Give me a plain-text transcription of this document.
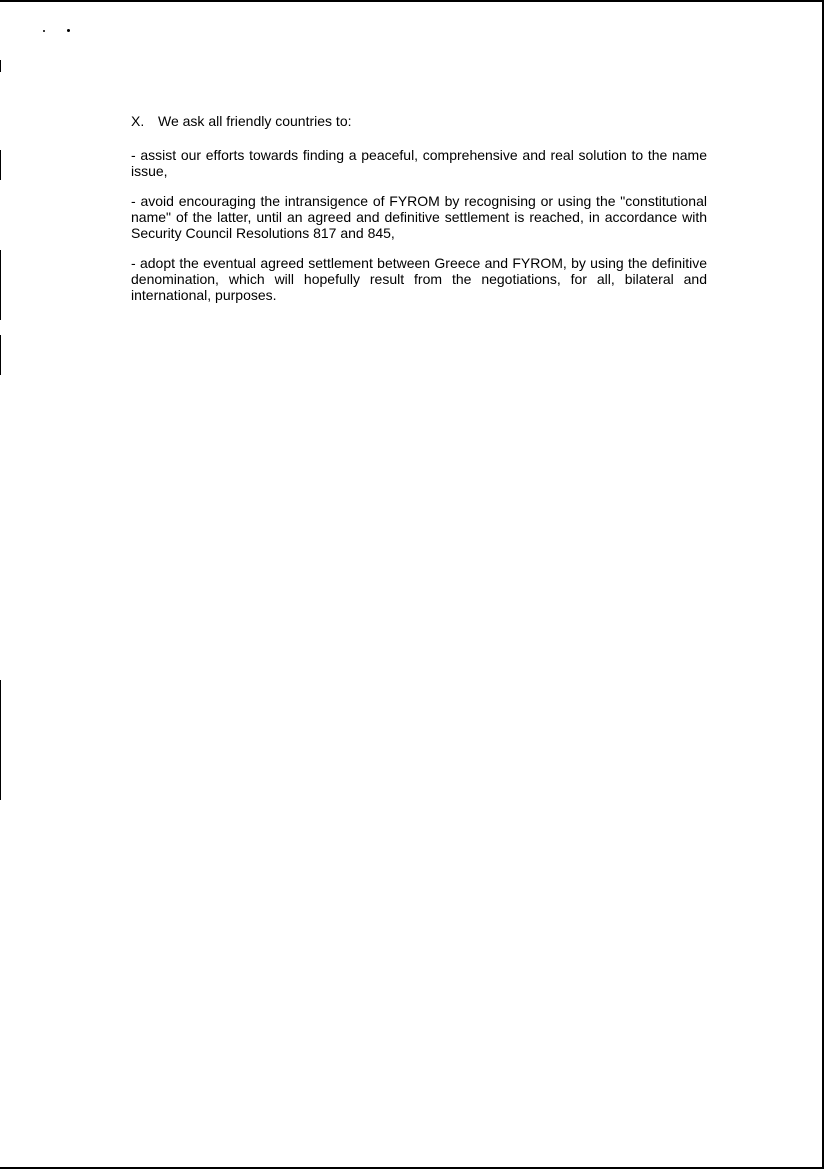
X. We ask all friendly countries to:

- assist our efforts towards finding a peaceful, comprehensive and real solution to the name issue,

- avoid encouraging the intransigence of FYROM by recognising or using the "constitutional name" of the latter, until an agreed and definitive settlement is reached, in accordance with Security Council Resolutions 817 and 845,

- adopt the eventual agreed settlement between Greece and FYROM, by using the definitive denomination, which will hopefully result from the negotiations, for all, bilateral and international, purposes.
